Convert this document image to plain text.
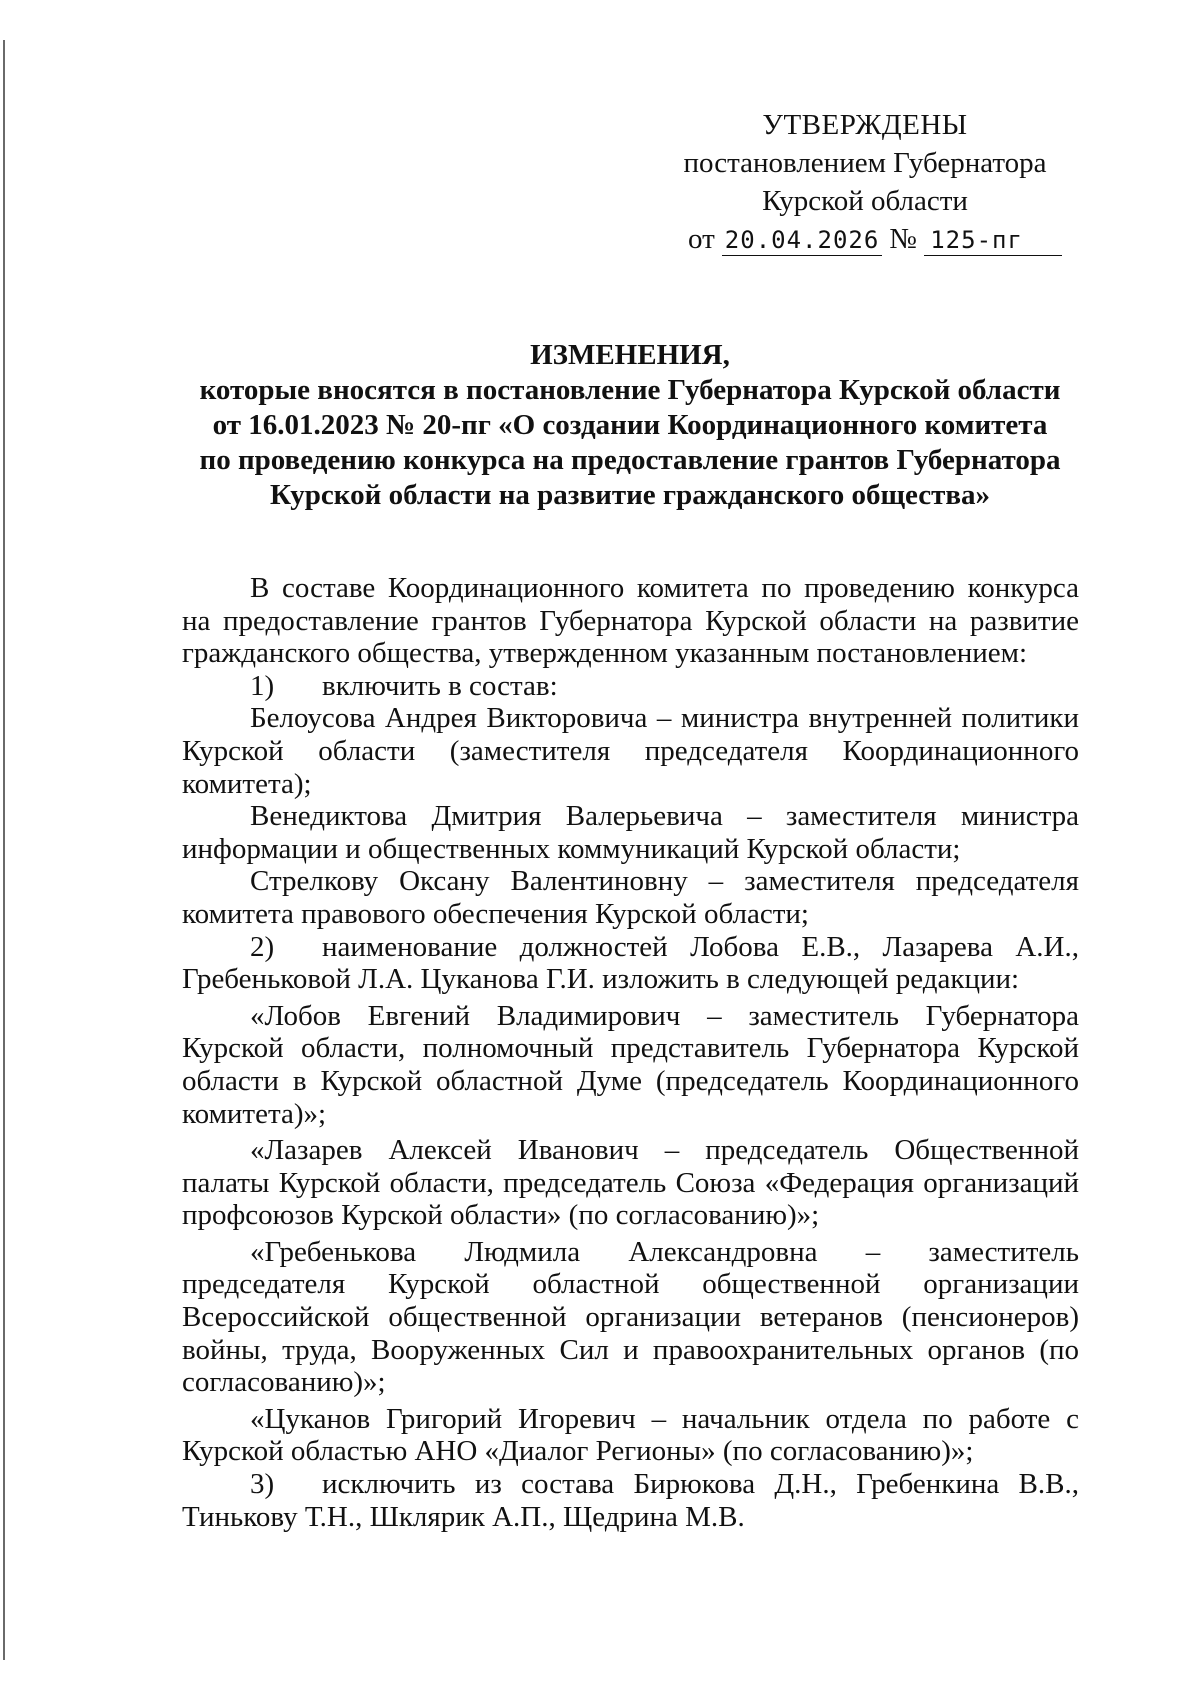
УТВЕРЖДЕНЫ
постановлением Губернатора
Курской области
от 20.04.2026 № 125-пг
ИЗМЕНЕНИЯ,
которые вносятся в постановление Губернатора Курской области
от 16.01.2023 № 20-пг «О создании Координационного комитета
по проведению конкурса на предоставление грантов Губернатора
Курской области на развитие гражданского общества»

В составе Координационного комитета по проведению конкурса на предоставление грантов Губернатора Курской области на развитие гражданского общества, утвержденном указанным постановлением:

1) включить в состав:

Белоусова Андрея Викторовича – министра внутренней политики Курской области (заместителя председателя Координационного комитета);

Венедиктова Дмитрия Валерьевича – заместителя министра информации и общественных коммуникаций Курской области;

Стрелкову Оксану Валентиновну – заместителя председателя комитета правового обеспечения Курской области;

2) наименование должностей Лобова Е.В., Лазарева А.И., Гребеньковой Л.А. Цуканова Г.И. изложить в следующей редакции:

«Лобов Евгений Владимирович – заместитель Губернатора Курской области, полномочный представитель Губернатора Курской области в Курской областной Думе (председатель Координационного комитета)»;

«Лазарев Алексей Иванович – председатель Общественной палаты Курской области, председатель Союза «Федерация организаций профсоюзов Курской области» (по согласованию)»;

«Гребенькова Людмила Александровна – заместитель председателя Курской областной общественной организации Всероссийской общественной организации ветеранов (пенсионеров) войны, труда, Вооруженных Сил и правоохранительных органов (по согласованию)»;

«Цуканов Григорий Игоревич – начальник отдела по работе с Курской областью АНО «Диалог Регионы» (по согласованию)»;

3) исключить из состава Бирюкова Д.Н., Гребенкина В.В., Тинькову Т.Н., Шклярик А.П., Щедрина М.В.
